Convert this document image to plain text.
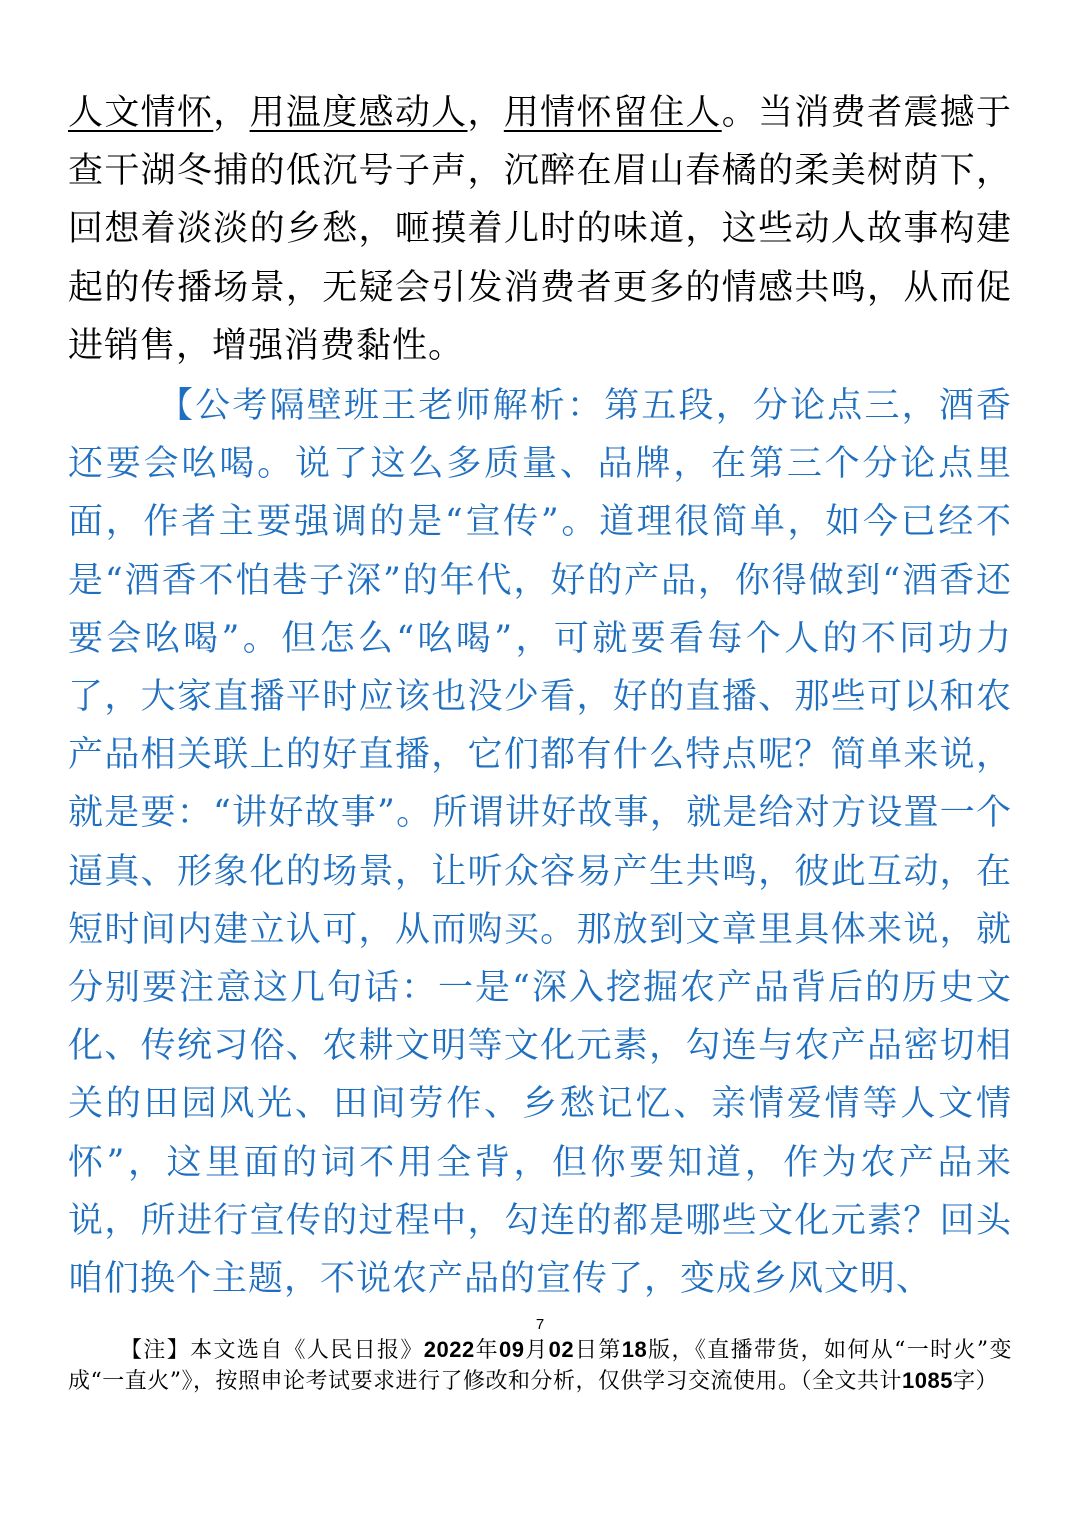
人文情怀，用温度感动人，用情怀留住人。当消费者震撼于查干湖冬捕的低沉号子声，沉醉在眉山春橘的柔美树荫下，回想着淡淡的乡愁，咂摸着儿时的味道，这些动人故事构建起的传播场景，无疑会引发消费者更多的情感共鸣，从而促进销售，增强消费黏性。

【公考隔壁班王老师解析：第五段，分论点三，酒香还要会吆喝。说了这么多质量、品牌，在第三个分论点里面，作者主要强调的是“宣传”。道理很简单，如今已经不是“酒香不怕巷子深”的年代，好的产品，你得做到“酒香还要会吆喝”。但怎么“吆喝”，可就要看每个人的不同功力了，大家直播平时应该也没少看，好的直播、那些可以和农产品相关联上的好直播，它们都有什么特点呢？简单来说，就是要：“讲好故事”。所谓讲好故事，就是给对方设置一个逼真、形象化的场景，让听众容易产生共鸣，彼此互动，在短时间内建立认可，从而购买。那放到文章里具体来说，就分别要注意这几句话：一是“深入挖掘农产品背后的历史文化、传统习俗、农耕文明等文化元素，勾连与农产品密切相关的田园风光、田间劳作、乡愁记忆、亲情爱情等人文情怀”，这里面的词不用全背，但你要知道，作为农产品来说，所进行宣传的过程中，勾连的都是哪些文化元素？回头咱们换个主题，不说农产品的宣传了，变成乡风文明、

7
【注】本文选自《人民日报》2022年09月02日第18版，《直播带货，如何从“一时火”变成“一直火”》，按照申论考试要求进行了修改和分析，仅供学习交流使用。（全文共计1085字）
